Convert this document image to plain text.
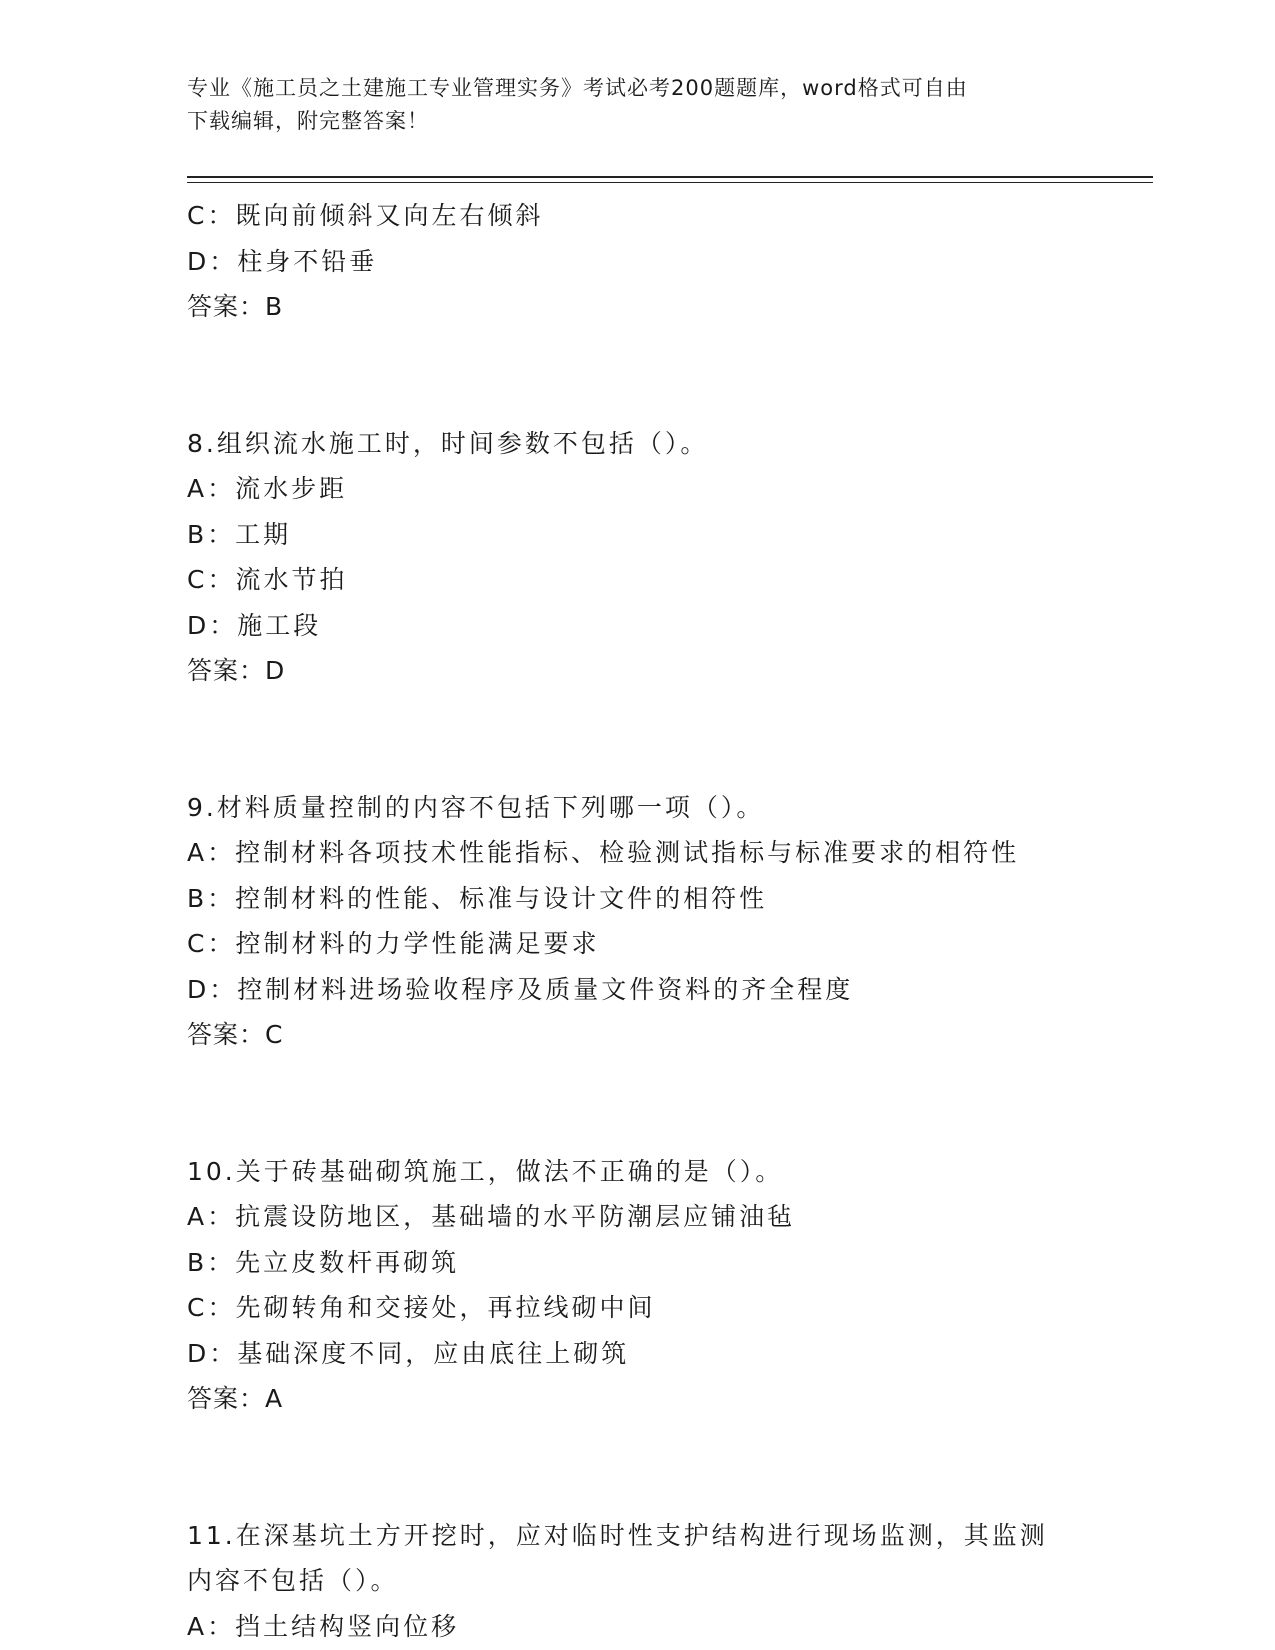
专业《施工员之土建施工专业管理实务》考试必考200题题库，word格式可自由
下载编辑，附完整答案！
C：既向前倾斜又向左右倾斜
D：柱身不铅垂
答案：B
8.组织流水施工时，时间参数不包括（）。
A：流水步距
B：工期
C：流水节拍
D：施工段
答案：D
9.材料质量控制的内容不包括下列哪一项（）。
A：控制材料各项技术性能指标、检验测试指标与标准要求的相符性
B：控制材料的性能、标准与设计文件的相符性
C：控制材料的力学性能满足要求
D：控制材料进场验收程序及质量文件资料的齐全程度
答案：C
10.关于砖基础砌筑施工，做法不正确的是（）。
A：抗震设防地区，基础墙的水平防潮层应铺油毡
B：先立皮数杆再砌筑
C：先砌转角和交接处，再拉线砌中间
D：基础深度不同，应由底往上砌筑
答案：A
11.在深基坑土方开挖时，应对临时性支护结构进行现场监测，其监测
内容不包括（）。
A：挡土结构竖向位移
